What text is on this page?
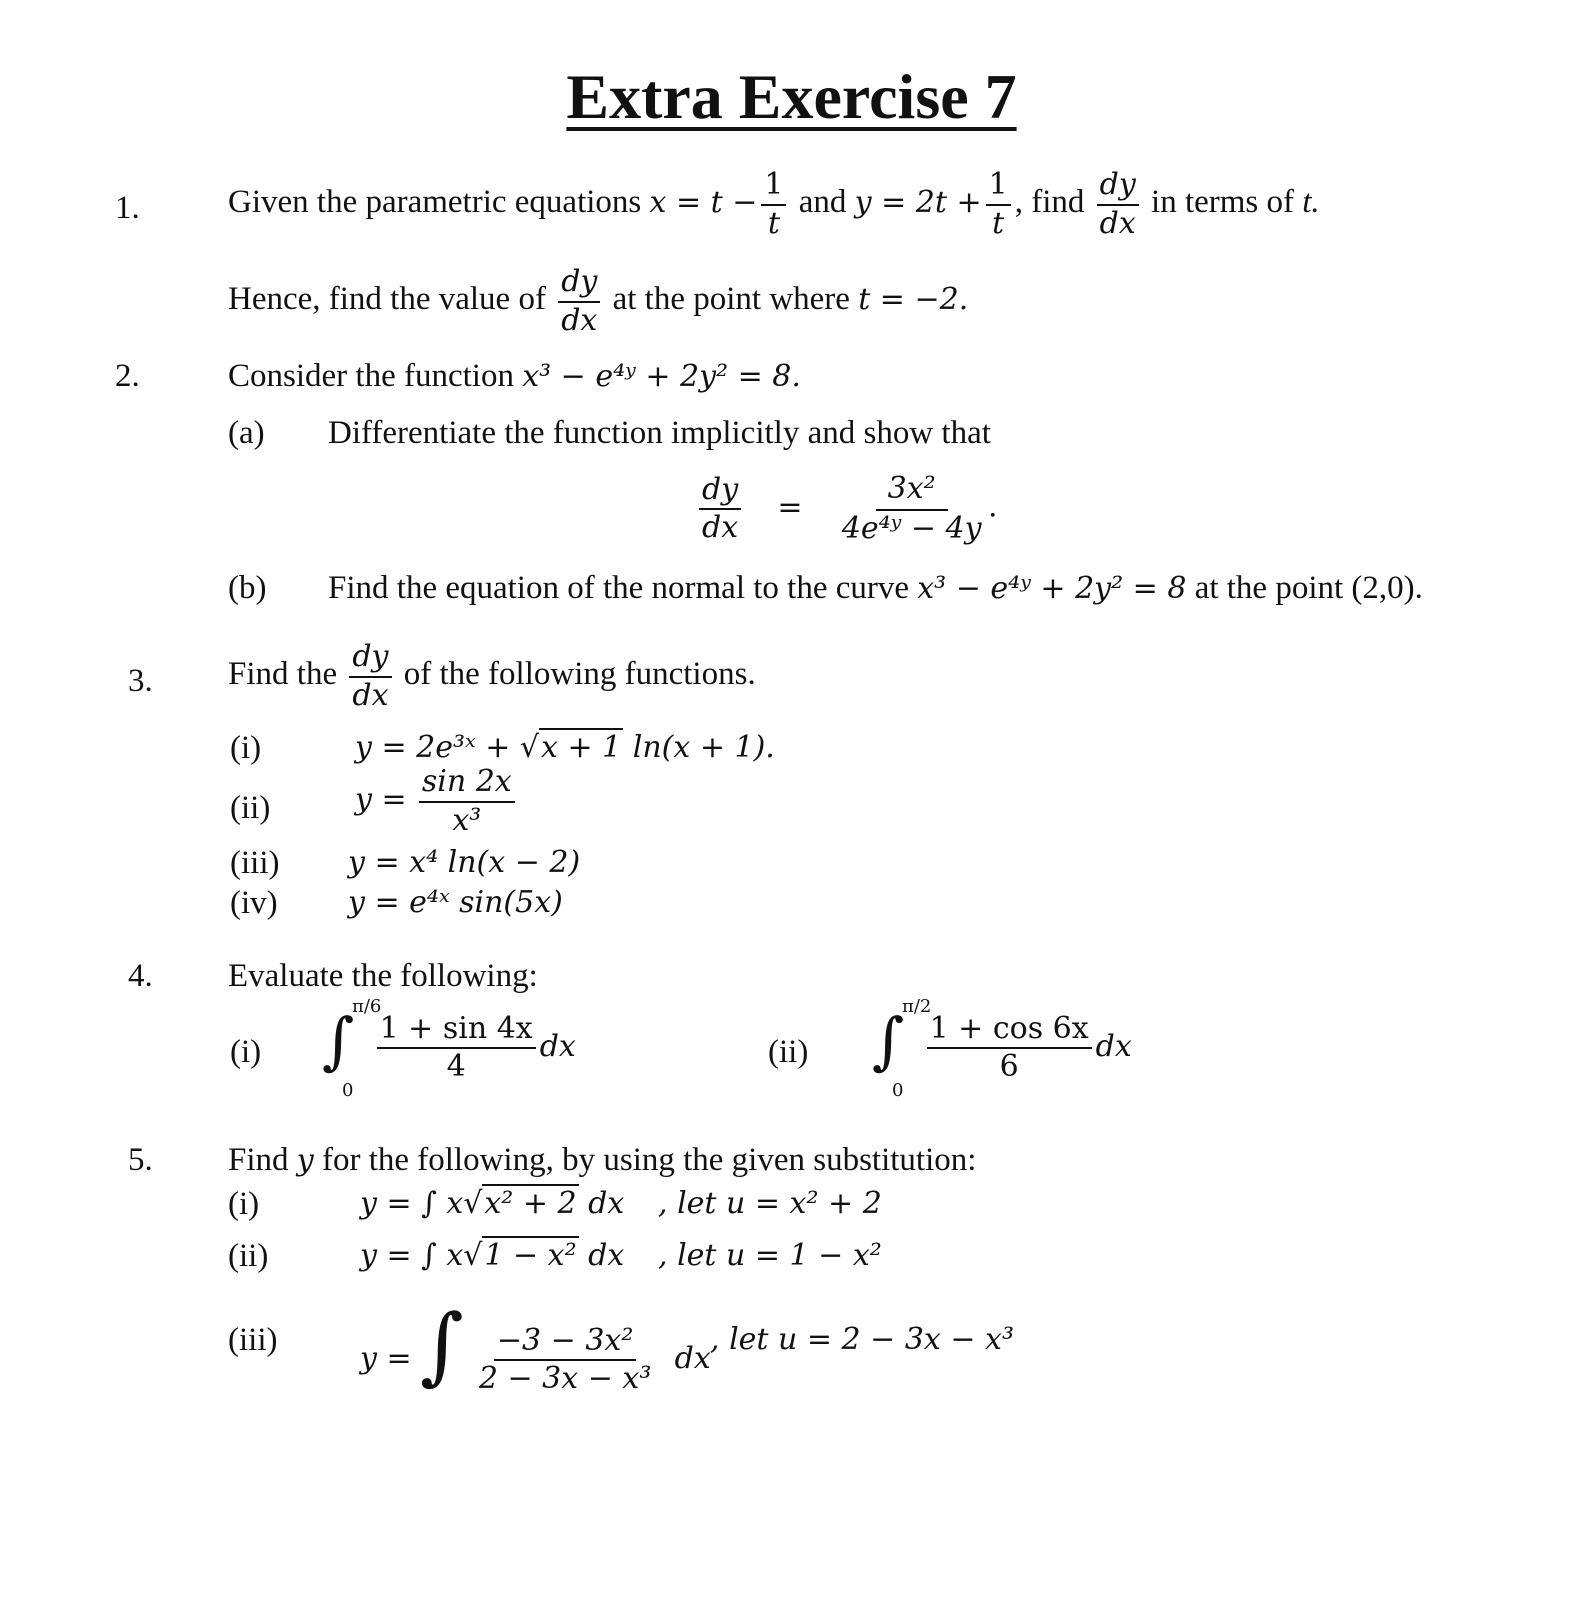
Extra Exercise 7
1.	Given the parametric equations $x = t - \frac{1}{t}$ and $y = 2t + \frac{1}{t}$ , find $\frac{dy}{dx}$ in terms of t.
Hence, find the value of $\frac{dy}{dx}$ at the point where t = −2.
2.	Consider the function x³ − e⁴ʸ + 2y² = 8.
(a) Differentiate the function implicitly and show that
$\frac{dy}{dx} = \frac{\text{3x²}}{\text{4e⁴ʸ − 4y}}$ .
(b) Find the equation of the normal to the curve x³ − e⁴ʸ + 2y² = 8 at the point (2,0).
3. Find the $\frac{dy}{dx}$ of the following functions.
(i)	y = 2e³ˣ + √x + 1 ln(x + 1).
(ii)	$y = \frac{\sin 2x}{\text{x³}}$
(iii) y = x⁴ ln(x − 2)
(iv) y = e⁴ˣ sin(5x)
4. Evaluate the following:
(i) ∫
π/6
0
$\frac{1 + \sin 4x}{4}$ dx	(ii) ∫
π/2
0
$\frac{1 + \cos 6x}{6}$ dx
5. Find y for the following, by using the given substitution:
(i)	y = ∫ x√x² + 2 dx , let u = x² + 2
(ii)	y = ∫ x√1 − x² dx , let u = 1 − x²
(iii)
y = ∫ $\frac{\text{−3 − 3x²}}{\text{2 − 3x − x³}}$ dx
, let u = 2 − 3x − x³
